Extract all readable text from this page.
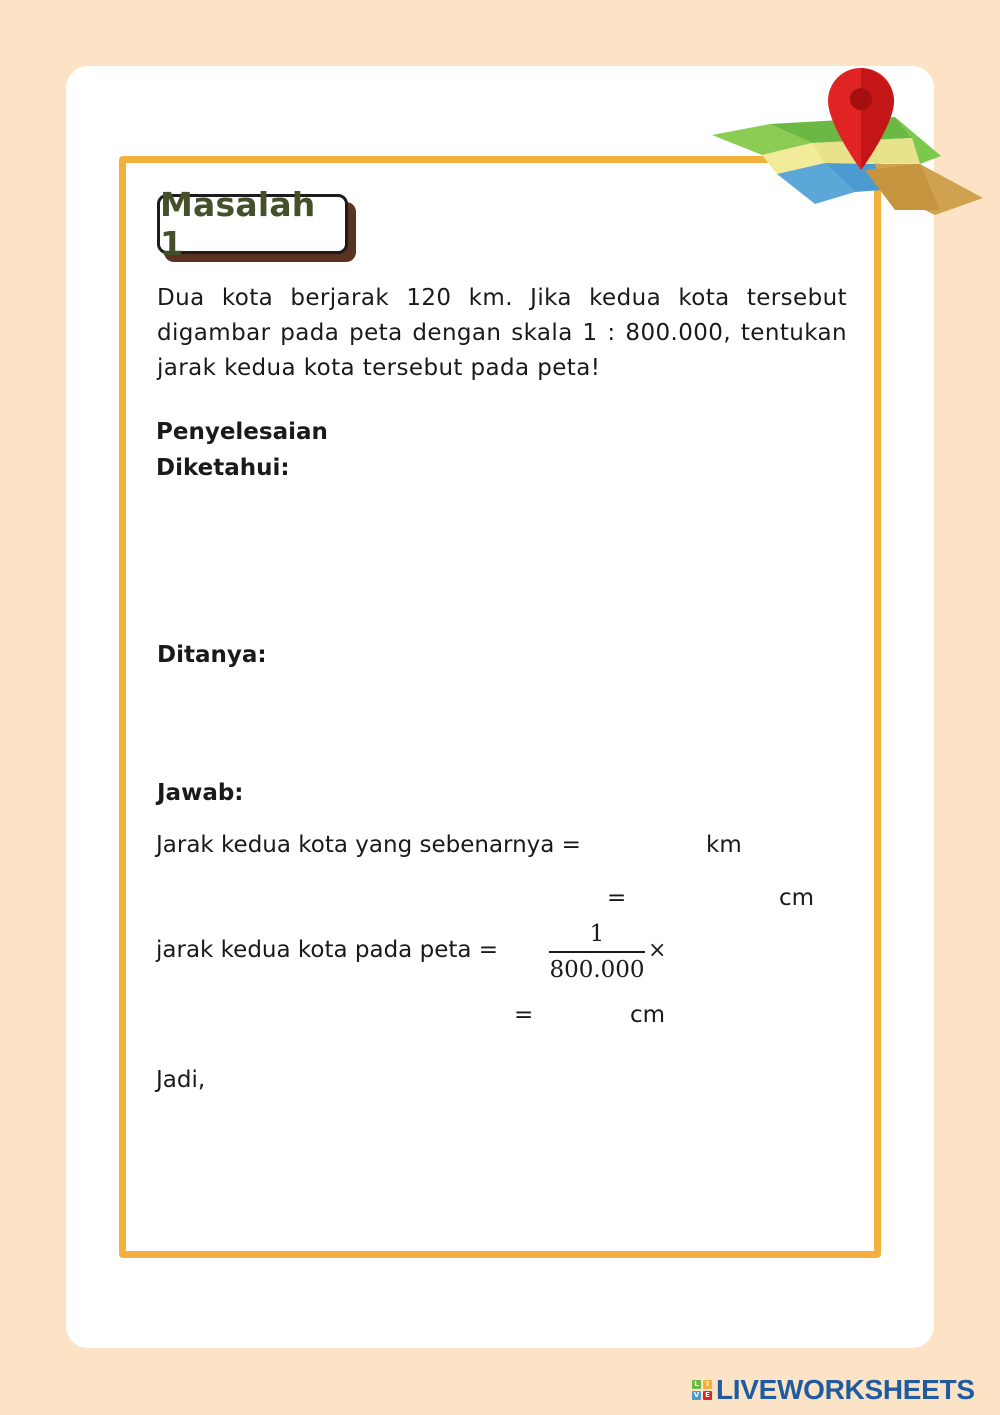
Masalah 1

Dua kota berjarak 120 km. Jika kedua kota tersebut digambar pada peta dengan skala 1 : 800.000, tentukan jarak kedua kota tersebut pada peta!

Penyelesaian
Diketahui:
Ditanya:
Jawab:
Jarak kedua kota yang sebenarnya =	km
=	cm
jarak kedua kota pada peta =
1
800.000
×
=	cm
Jadi,
L	I
V E LIVEWORKSHEETS
